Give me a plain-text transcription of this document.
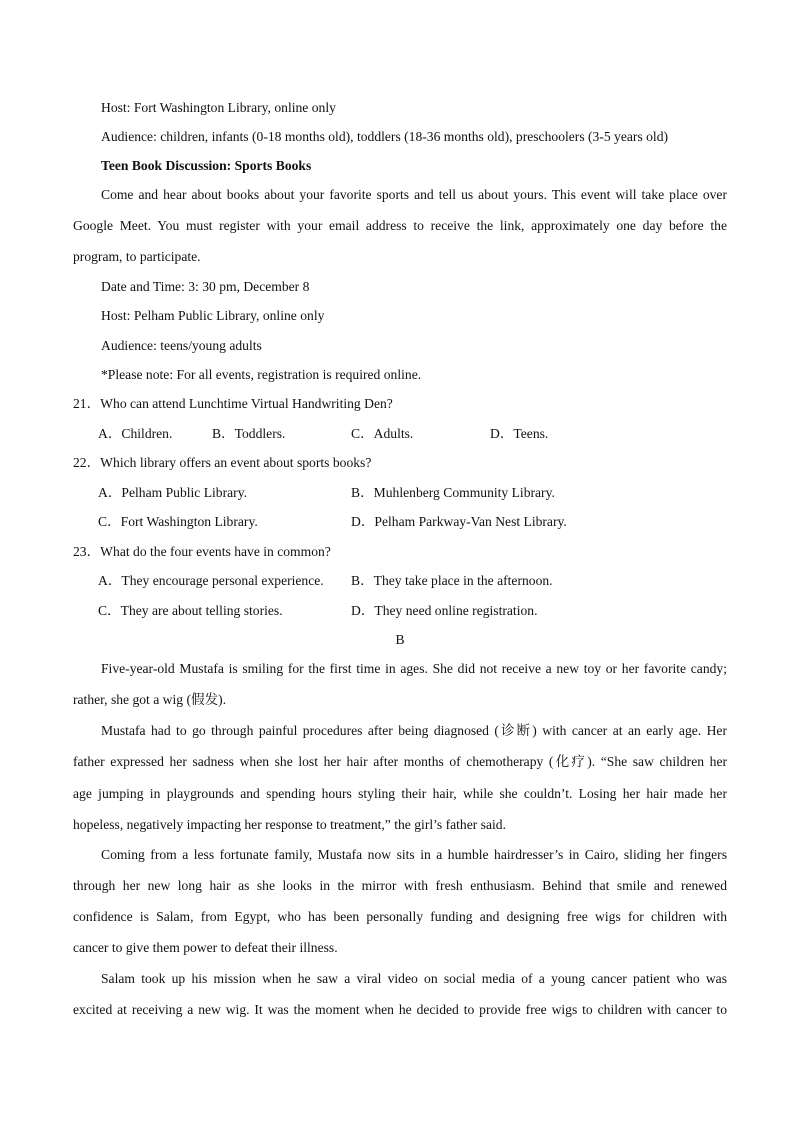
Host: Fort Washington Library, online only
Audience: children, infants (0-18 months old), toddlers (18-36 months old), preschoolers (3-5 years old)
Teen Book Discussion: Sports Books
Come and hear about books about your favorite sports and tell us about yours. This event will take place over
Google Meet. You must register with your email address to receive the link, approximately one day before the
program, to participate.
Date and Time: 3: 30 pm, December 8
Host: Pelham Public Library, online only
Audience: teens/young adults
*Please note: For all events, registration is required online.
21．Who can attend Lunchtime Virtual Handwriting Den?
A．Children.	B．Toddlers.	C．Adults.	D．Teens.
22．Which library offers an event about sports books?
A．Pelham Public Library.	B．Muhlenberg Community Library.
C．Fort Washington Library.	D．Pelham Parkway-Van Nest Library.
23．What do the four events have in common?
A．They encourage personal experience. B．They take place in the afternoon.
C．They are about telling stories.	D．They need online registration.
B
Five-year-old Mustafa is smiling for the first time in ages. She did not receive a new toy or her favorite candy;
rather, she got a wig (假发).
Mustafa had to go through painful procedures after being diagnosed (诊断) with cancer at an early age. Her
father expressed her sadness when she lost her hair after months of chemotherapy (化疗). “She saw children her
age jumping in playgrounds and spending hours styling their hair, while she couldn’t. Losing her hair made her
hopeless, negatively impacting her response to treatment,” the girl’s father said.
Coming from a less fortunate family, Mustafa now sits in a humble hairdresser’s in Cairo, sliding her fingers
through her new long hair as she looks in the mirror with fresh enthusiasm. Behind that smile and renewed
confidence is Salam, from Egypt, who has been personally funding and designing free wigs for children with
cancer to give them power to defeat their illness.
Salam took up his mission when he saw a viral video on social media of a young cancer patient who was
excited at receiving a new wig. It was the moment when he decided to provide free wigs to children with cancer to
